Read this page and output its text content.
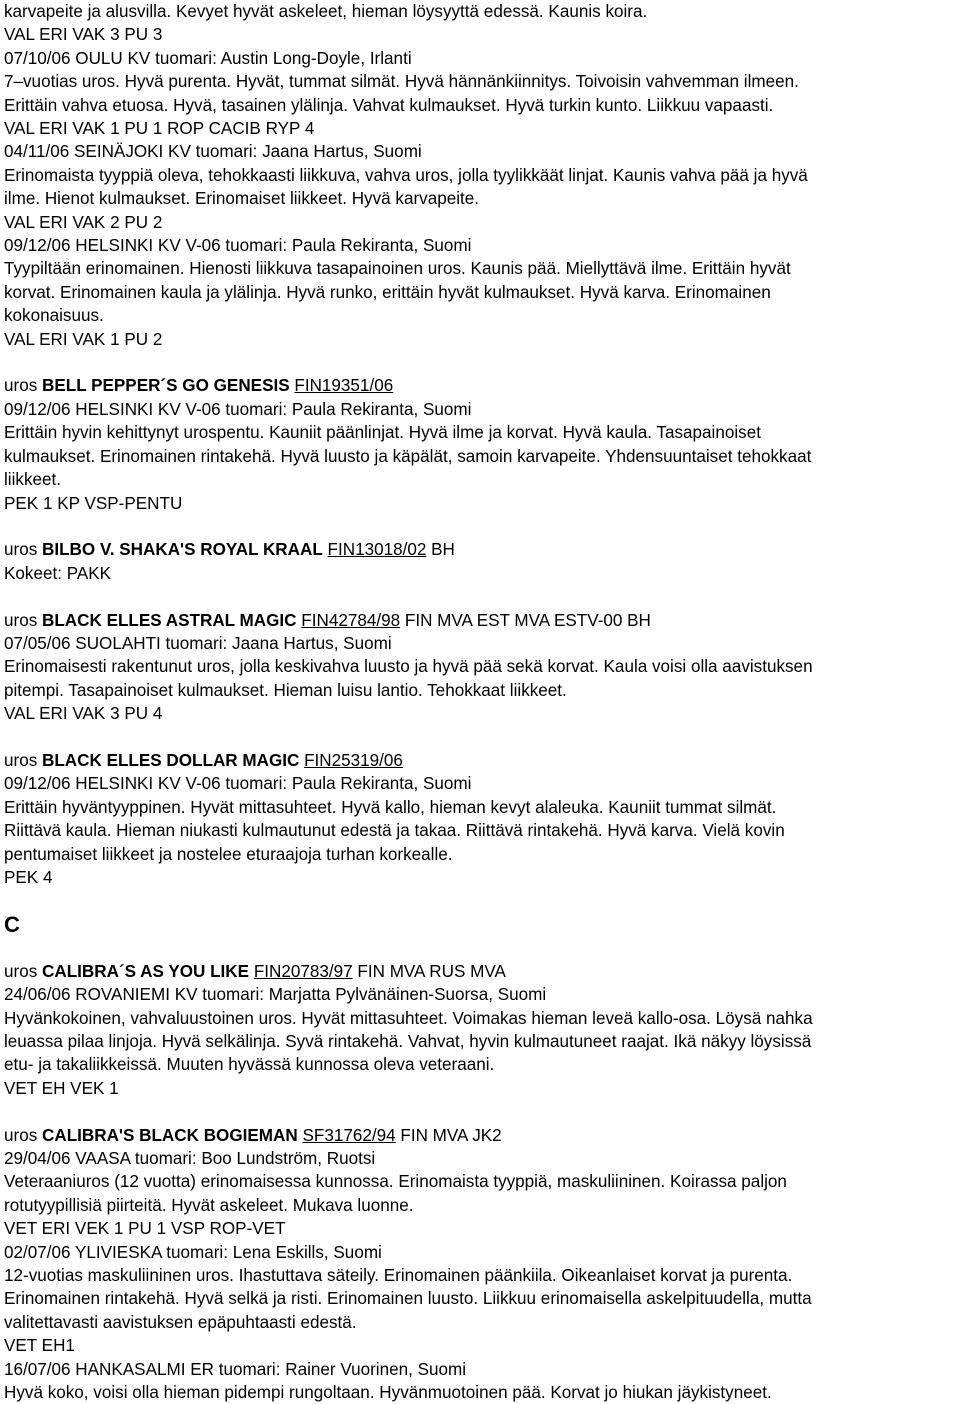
karvapeite ja alusvilla. Kevyet hyvät askeleet, hieman löysyyttä edessä. Kaunis koira.
VAL ERI VAK 3 PU 3
07/10/06 OULU KV tuomari: Austin Long-Doyle, Irlanti
7–vuotias uros. Hyvä purenta. Hyvät, tummat silmät. Hyvä hännänkiinnitys. Toivoisin vahvemman ilmeen.
Erittäin vahva etuosa. Hyvä, tasainen ylälinja. Vahvat kulmaukset. Hyvä turkin kunto. Liikkuu vapaasti.
VAL ERI VAK 1 PU 1 ROP CACIB RYP 4
04/11/06 SEINÄJOKI KV tuomari: Jaana Hartus, Suomi
Erinomaista tyyppiä oleva, tehokkaasti liikkuva, vahva uros, jolla tyylikkäät linjat. Kaunis vahva pää ja hyvä
ilme. Hienot kulmaukset. Erinomaiset liikkeet. Hyvä karvapeite.
VAL ERI VAK 2 PU 2
09/12/06 HELSINKI KV V-06 tuomari: Paula Rekiranta, Suomi
Tyypiltään erinomainen. Hienosti liikkuva tasapainoinen uros. Kaunis pää. Miellyttävä ilme. Erittäin hyvät
korvat. Erinomainen kaula ja ylälinja. Hyvä runko, erittäin hyvät kulmaukset. Hyvä karva. Erinomainen
kokonaisuus.
VAL ERI VAK 1 PU 2
uros BELL PEPPER´S GO GENESIS FIN19351/06
09/12/06 HELSINKI KV V-06 tuomari: Paula Rekiranta, Suomi
Erittäin hyvin kehittynyt urospentu. Kauniit päänlinjat. Hyvä ilme ja korvat. Hyvä kaula. Tasapainoiset
kulmaukset. Erinomainen rintakehä. Hyvä luusto ja käpälät, samoin karvapeite. Yhdensuuntaiset tehokkaat
liikkeet.
PEK 1 KP VSP-PENTU
uros BILBO V. SHAKA'S ROYAL KRAAL FIN13018/02 BH
Kokeet: PAKK
uros BLACK ELLES ASTRAL MAGIC FIN42784/98 FIN MVA EST MVA ESTV-00 BH
07/05/06 SUOLAHTI tuomari: Jaana Hartus, Suomi
Erinomaisesti rakentunut uros, jolla keskivahva luusto ja hyvä pää sekä korvat. Kaula voisi olla aavistuksen
pitempi. Tasapainoiset kulmaukset. Hieman luisu lantio. Tehokkaat liikkeet.
VAL ERI VAK 3 PU 4
uros BLACK ELLES DOLLAR MAGIC FIN25319/06
09/12/06 HELSINKI KV V-06 tuomari: Paula Rekiranta, Suomi
Erittäin hyväntyyppinen. Hyvät mittasuhteet. Hyvä kallo, hieman kevyt alaleuka. Kauniit tummat silmät.
Riittävä kaula. Hieman niukasti kulmautunut edestä ja takaa. Riittävä rintakehä. Hyvä karva. Vielä kovin
pentumaiset liikkeet ja nostelee eturaajoja turhan korkealle.
PEK 4
C
uros CALIBRA´S AS YOU LIKE FIN20783/97 FIN MVA RUS MVA
24/06/06 ROVANIEMI KV tuomari: Marjatta Pylvänäinen-Suorsa, Suomi
Hyvänkokoinen, vahvaluustoinen uros. Hyvät mittasuhteet. Voimakas hieman leveä kallo-osa. Löysä nahka
leuassa pilaa linjoja. Hyvä selkälinja. Syvä rintakehä. Vahvat, hyvin kulmautuneet raajat. Ikä näkyy löysissä
etu- ja takaliikkeissä. Muuten hyvässä kunnossa oleva veteraani.
VET EH VEK 1
uros CALIBRA'S BLACK BOGIEMAN SF31762/94 FIN MVA JK2
29/04/06 VAASA tuomari: Boo Lundström, Ruotsi
Veteraaniuros (12 vuotta) erinomaisessa kunnossa. Erinomaista tyyppiä, maskuliininen. Koirassa paljon
rotutyypillisiä piirteitä. Hyvät askeleet. Mukava luonne.
VET ERI VEK 1 PU 1 VSP ROP-VET
02/07/06 YLIVIESKA tuomari: Lena Eskills, Suomi
12-vuotias maskuliininen uros. Ihastuttava säteily. Erinomainen päänkiila. Oikeanlaiset korvat ja purenta.
Erinomainen rintakehä. Hyvä selkä ja risti. Erinomainen luusto. Liikkuu erinomaisella askelpituudella, mutta
valitettavasti aavistuksen epäpuhtaasti edestä.
VET EH1
16/07/06 HANKASALMI ER tuomari: Rainer Vuorinen, Suomi
Hyvä koko, voisi olla hieman pidempi rungoltaan. Hyvänmuotoinen pää. Korvat jo hiukan jäykistyneet.
